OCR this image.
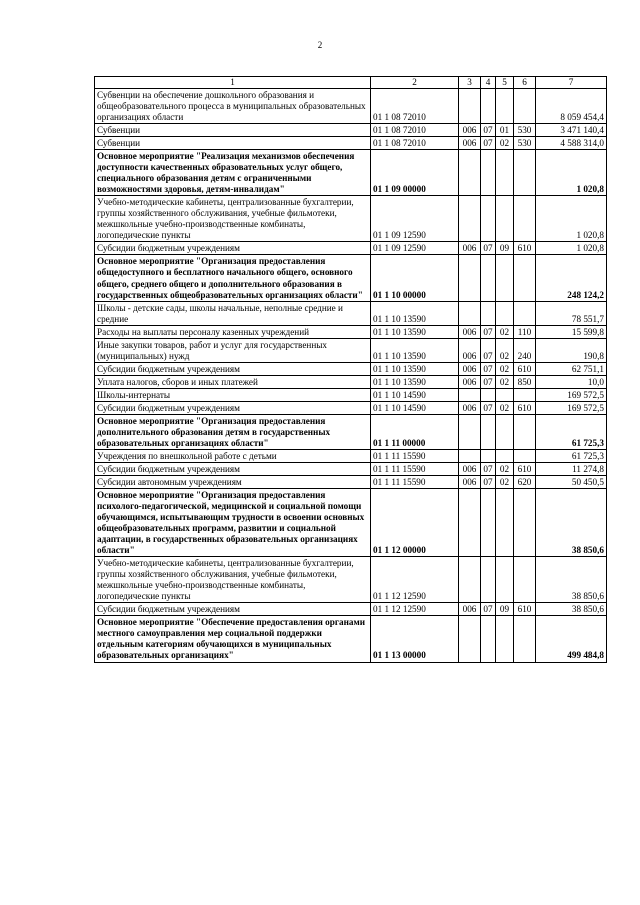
2
1	2	3	4	5	6	7
Субвенции на обеспечение дошкольного образования и общеобразовательного процесса в муниципальных образовательных организациях области	01 1 08 72010					8 059 454,4
Субвенции	01 1 08 72010	006	07	01	530	3 471 140,4
Субвенции	01 1 08 72010	006	07	02	530	4 588 314,0
Основное мероприятие "Реализация механизмов обеспечения доступности качественных образовательных услуг общего, специального образования детям с ограниченными возможностями здоровья, детям-инвалидам"	01 1 09 00000					1 020,8
Учебно-методические кабинеты, централизованные бухгалтерии, группы хозяйственного обслуживания, учебные фильмотеки, межшкольные учебно-производственные комбинаты, логопедические пункты	01 1 09 12590					1 020,8
Субсидии бюджетным учреждениям	01 1 09 12590	006	07	09	610	1 020,8
Основное мероприятие "Организация предоставления общедоступного и бесплатного начального общего, основного общего, среднего общего и дополнительного образования в государственных общеобразовательных организациях области"	01 1 10 00000					248 124,2
Школы - детские сады, школы начальные, неполные средние и средние	01 1 10 13590					78 551,7
Расходы на выплаты персоналу казенных учреждений	01 1 10 13590	006	07	02	110	15 599,8
Иные закупки товаров, работ и услуг для государственных (муниципальных) нужд	01 1 10 13590	006	07	02	240	190,8
Субсидии бюджетным учреждениям	01 1 10 13590	006	07	02	610	62 751,1
Уплата налогов, сборов и иных платежей	01 1 10 13590	006	07	02	850	10,0
Школы-интернаты	01 1 10 14590					169 572,5
Субсидии бюджетным учреждениям	01 1 10 14590	006	07	02	610	169 572,5
Основное мероприятие "Организация предоставления дополнительного образования детям в государственных образовательных организациях области"	01 1 11 00000					61 725,3
Учреждения по внешкольной работе с детьми	01 1 11 15590					61 725,3
Субсидии бюджетным учреждениям	01 1 11 15590	006	07	02	610	11 274,8
Субсидии автономным учреждениям	01 1 11 15590	006	07	02	620	50 450,5
Основное мероприятие "Организация предоставления психолого-педагогической, медицинской и социальной помощи обучающимся, испытывающим трудности в освоении основных общеобразовательных программ, развитии и социальной адаптации, в государственных образовательных организациях области"	01 1 12 00000					38 850,6
Учебно-методические кабинеты, централизованные бухгалтерии, группы хозяйственного обслуживания, учебные фильмотеки, межшкольные учебно-производственные комбинаты, логопедические пункты	01 1 12 12590					38 850,6
Субсидии бюджетным учреждениям	01 1 12 12590	006	07	09	610	38 850,6
Основное мероприятие "Обеспечение предоставления органами местного самоуправления мер социальной поддержки отдельным категориям обучающихся в муниципальных образовательных организациях"	01 1 13 00000					499 484,8
